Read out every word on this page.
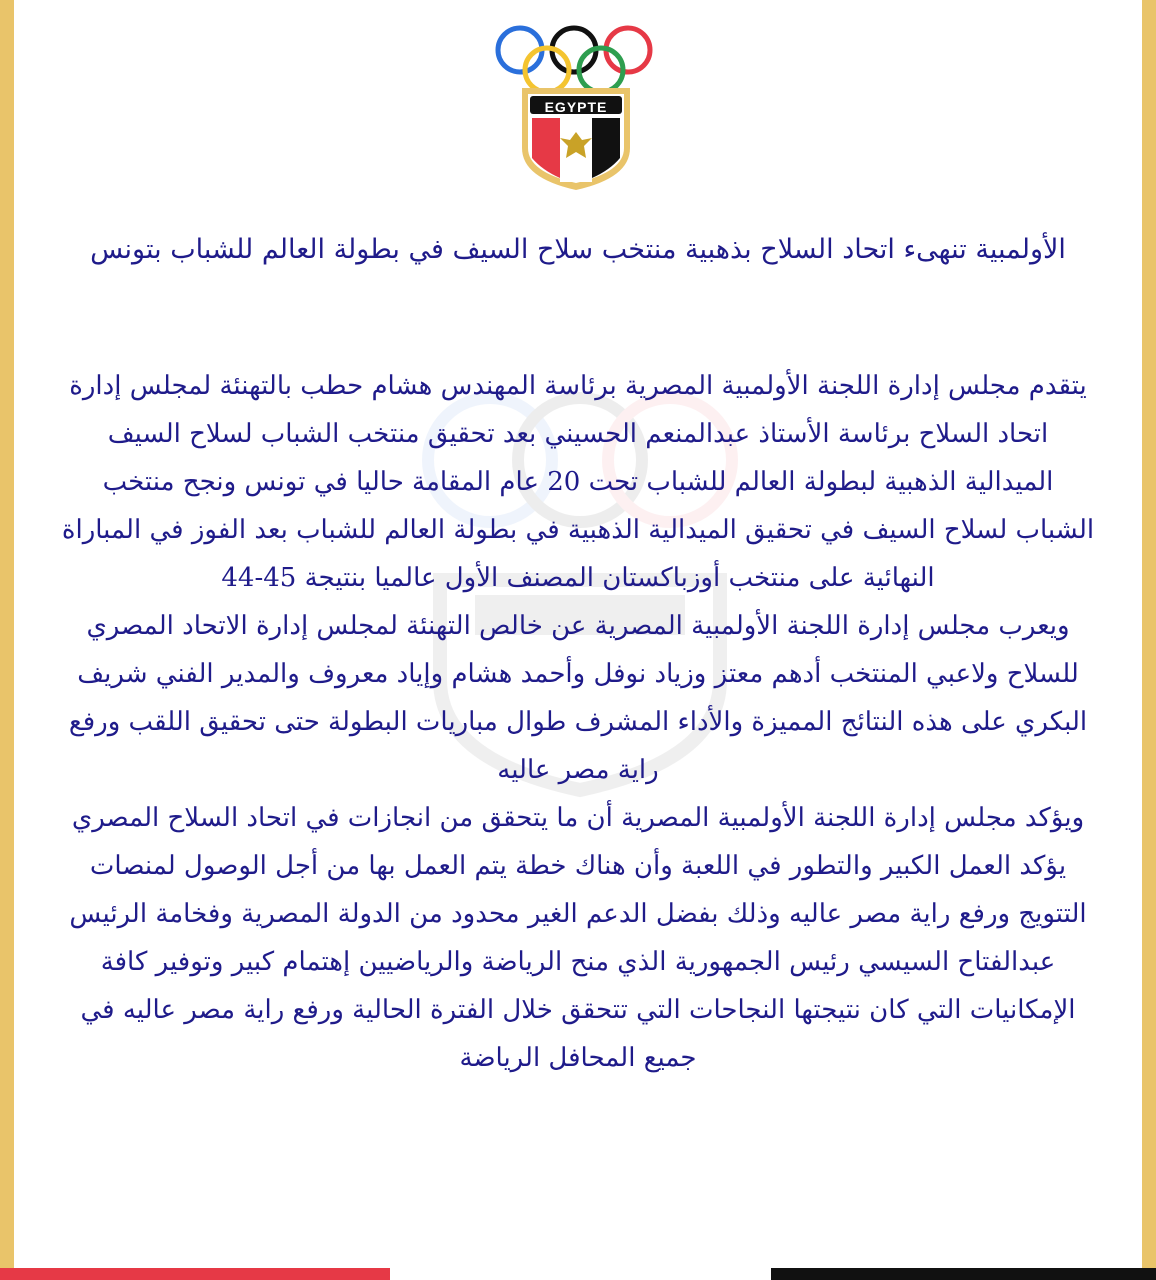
EGYPTE
الأولمبية تنهىء اتحاد السلاح بذهبية منتخب سلاح السيف في بطولة العالم للشباب بتونس

يتقدم مجلس إدارة اللجنة الأولمبية المصرية برئاسة المهندس هشام حطب بالتهنئة لمجلس إدارة اتحاد السلاح برئاسة الأستاذ عبدالمنعم الحسيني بعد تحقيق منتخب الشباب لسلاح السيف الميدالية الذهبية لبطولة العالم للشباب تحت 20 عام المقامة حاليا في تونس ونجح منتخب الشباب لسلاح السيف في تحقيق الميدالية الذهبية في بطولة العالم للشباب بعد الفوز في المباراة النهائية على منتخب أوزباكستان المصنف الأول عالميا بنتيجة 45-44

ويعرب مجلس إدارة اللجنة الأولمبية المصرية عن خالص التهنئة لمجلس إدارة الاتحاد المصري للسلاح ولاعبي المنتخب أدهم معتز وزياد نوفل وأحمد هشام وإياد معروف والمدير الفني شريف البكري على هذه النتائج المميزة والأداء المشرف طوال مباريات البطولة حتى تحقيق اللقب ورفع راية مصر عاليه

ويؤكد مجلس إدارة اللجنة الأولمبية المصرية أن ما يتحقق من انجازات في اتحاد السلاح المصري يؤكد العمل الكبير والتطور في اللعبة وأن هناك خطة يتم العمل بها من أجل الوصول لمنصات التتويج ورفع راية مصر عاليه وذلك بفضل الدعم الغير محدود من الدولة المصرية وفخامة الرئيس عبدالفتاح السيسي رئيس الجمهورية الذي منح الرياضة والرياضيين إهتمام كبير وتوفير كافة الإمكانيات التي كان نتيجتها النجاحات التي تتحقق خلال الفترة الحالية ورفع راية مصر عاليه في جميع المحافل الرياضة
